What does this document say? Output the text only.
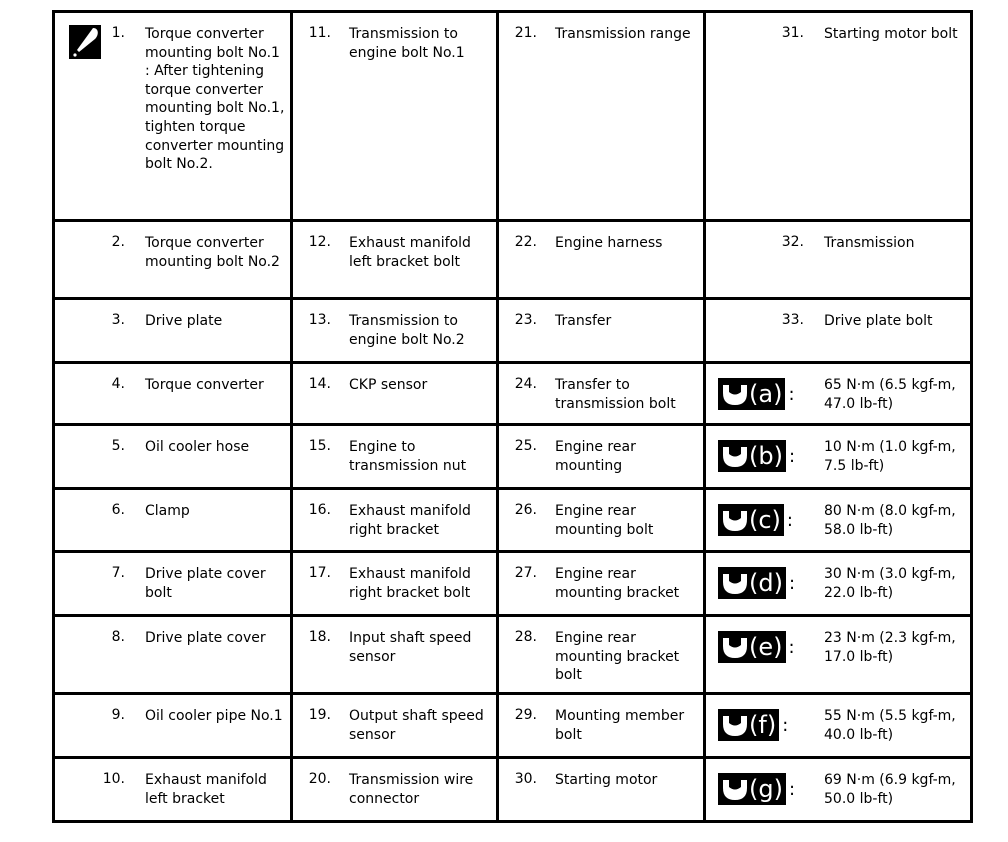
1. Torque converter mounting bolt No.1 : After tightening torque converter mounting bolt No.1, tighten torque converter mounting bolt No.2.	11. Transmission to engine bolt No.1	21. Transmission range	31. Starting motor bolt

2. Torque converter mounting bolt No.2	12. Exhaust manifold left bracket bolt	22. Engine harness	32. Transmission

3. Drive plate	13. Transmission to engine bolt No.2	23. Transfer	33. Drive plate bolt

4. Torque converter	14. CKP sensor	24. Transfer to transmission bolt	(a) : 65 N·m (6.5 kgf-m, 47.0 lb-ft)

5. Oil cooler hose	15. Engine to transmission nut	25. Engine rear mounting	(b) : 10 N·m (1.0 kgf-m, 7.5 lb-ft)

6. Clamp	16. Exhaust manifold right bracket	26. Engine rear mounting bolt	(c) : 80 N·m (8.0 kgf-m, 58.0 lb-ft)

7. Drive plate cover bolt	17. Exhaust manifold right bracket bolt	27. Engine rear mounting bracket	(d) : 30 N·m (3.0 kgf-m, 22.0 lb-ft)

8. Drive plate cover	18. Input shaft speed sensor	28. Engine rear mounting bracket bolt	(e) : 23 N·m (2.3 kgf-m, 17.0 lb-ft)

9. Oil cooler pipe No.1	19. Output shaft speed sensor	29. Mounting member bolt	(f) : 55 N·m (5.5 kgf-m, 40.0 lb-ft)

10. Exhaust manifold left bracket	20. Transmission wire connector	30. Starting motor	(g) : 69 N·m (6.9 kgf-m, 50.0 lb-ft)
